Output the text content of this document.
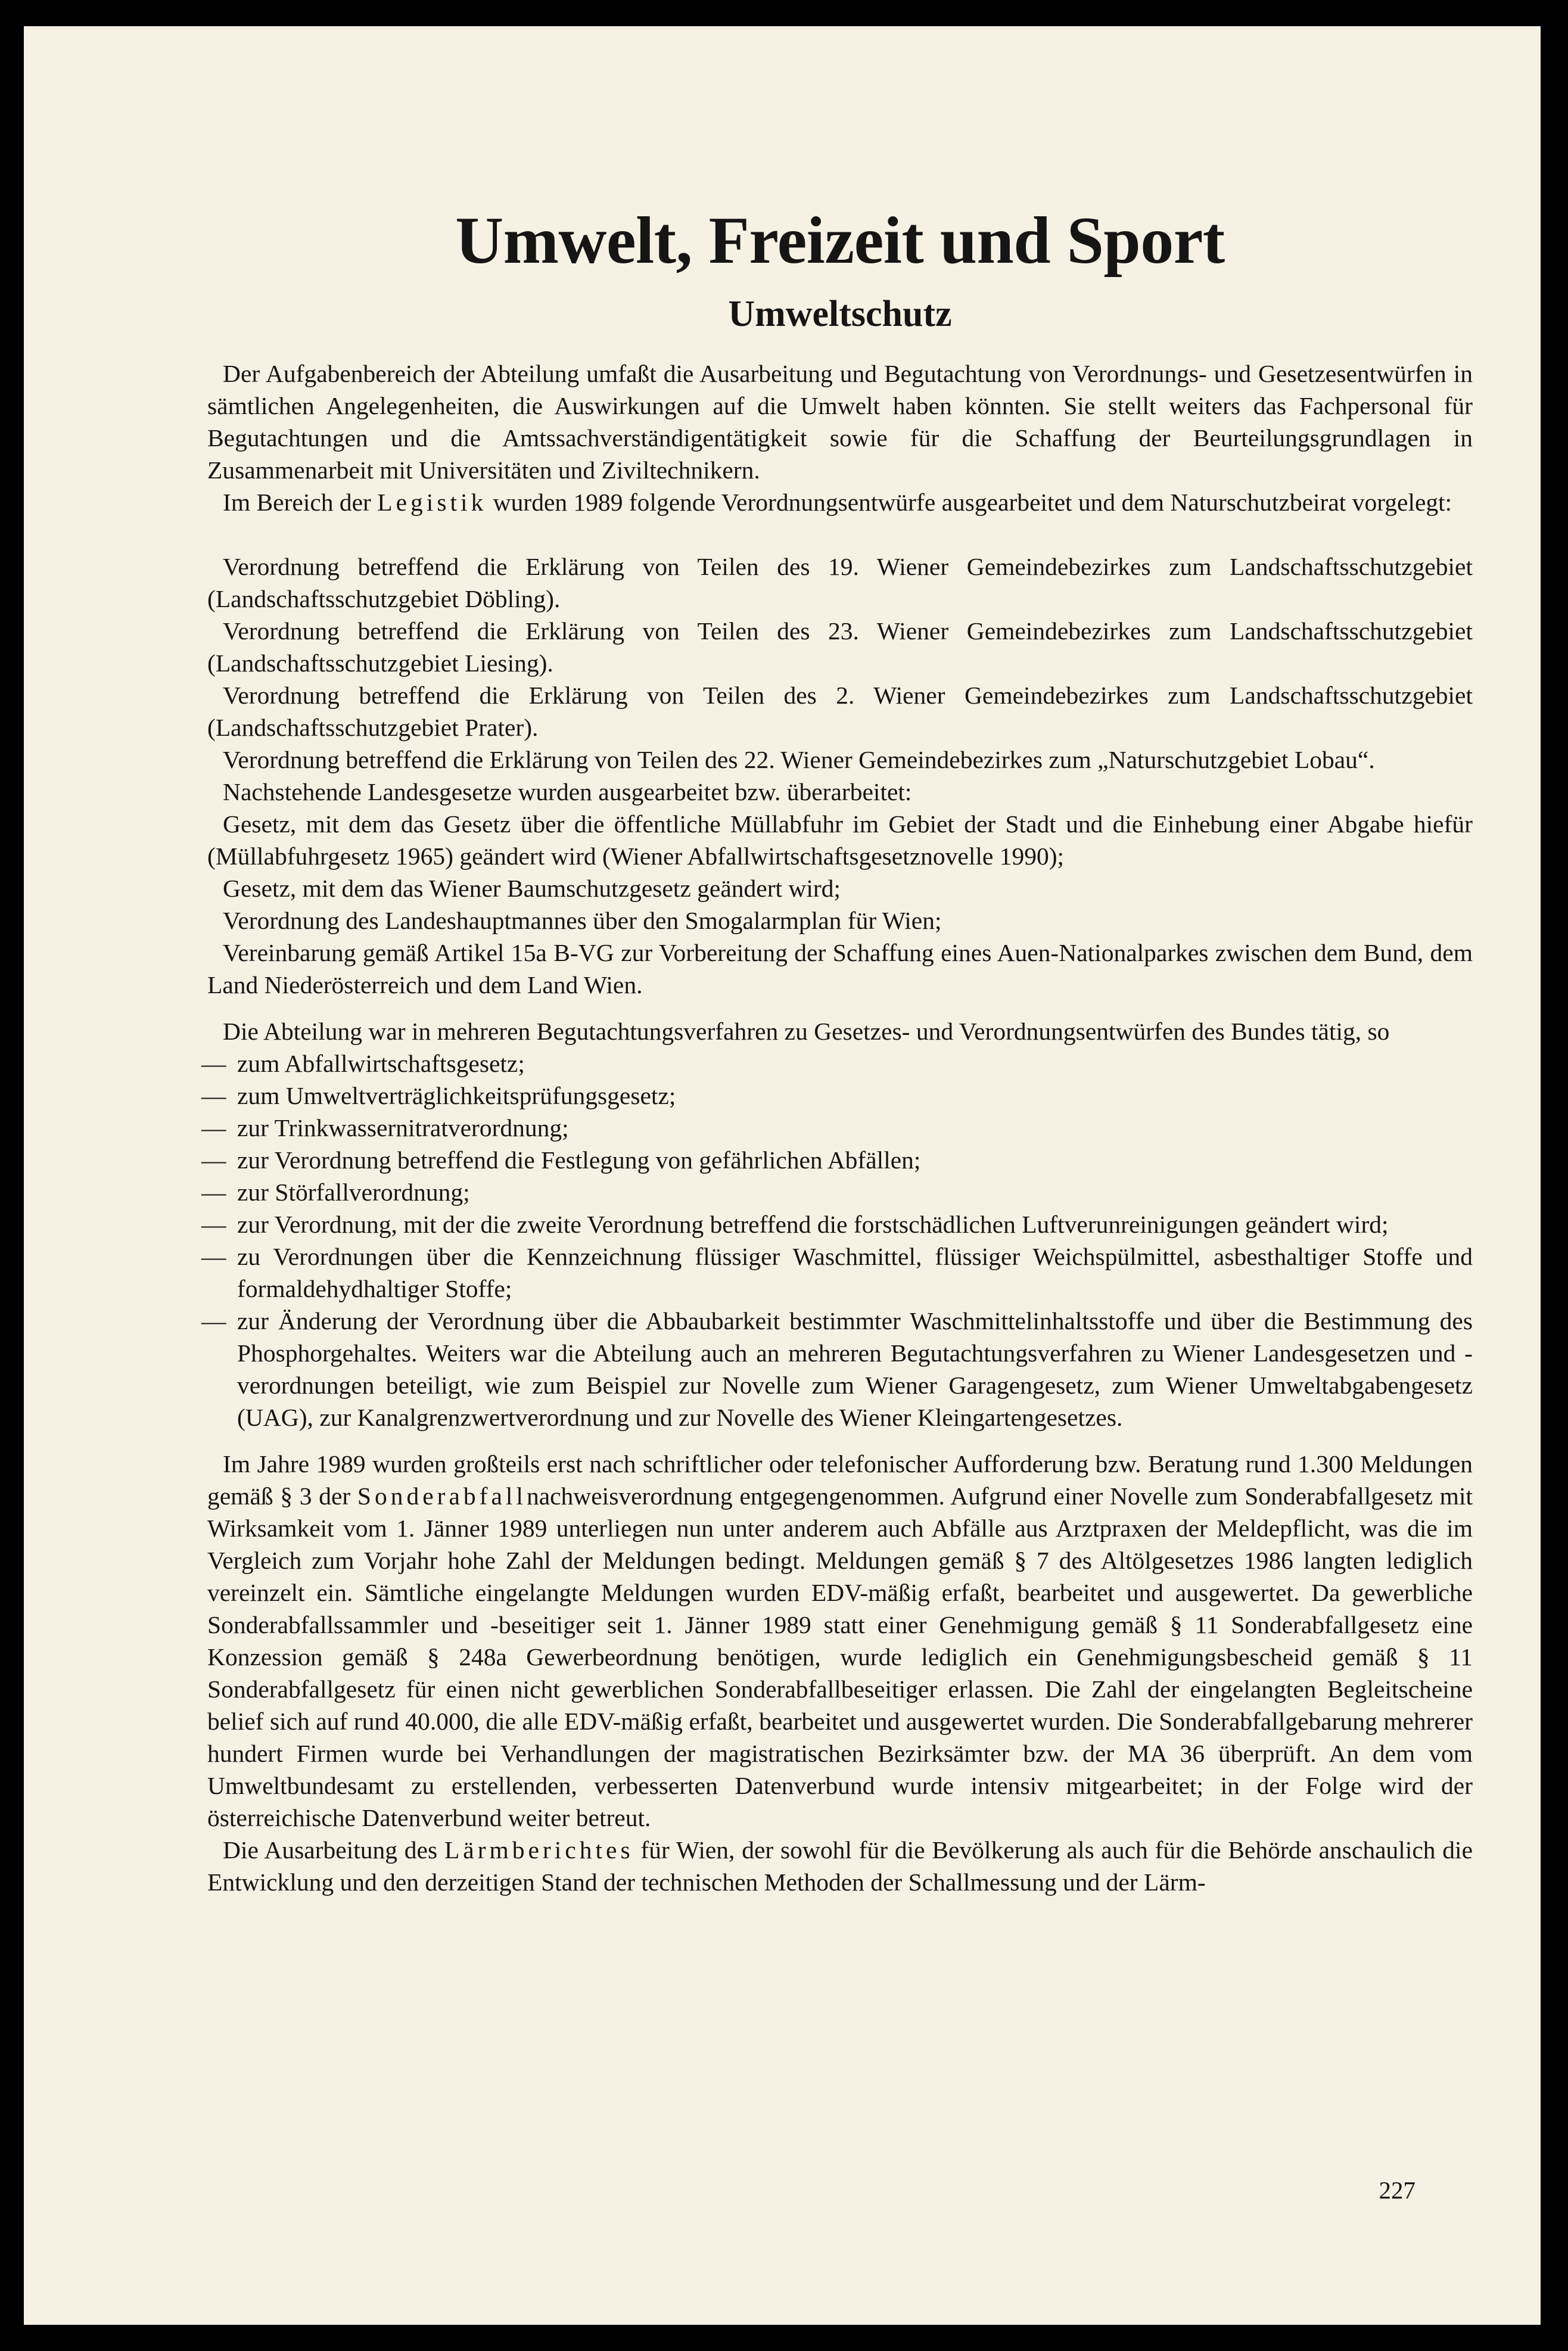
Umwelt, Freizeit und Sport
Umweltschutz

Der Aufgabenbereich der Abteilung umfaßt die Ausarbeitung und Begutachtung von Verordnungs- und Gesetzesentwürfen in sämtlichen Angelegenheiten, die Auswirkungen auf die Umwelt haben könnten. Sie stellt weiters das Fachpersonal für Begutachtungen und die Amtssachverständigentätigkeit sowie für die Schaffung der Beurteilungsgrundlagen in Zusammenarbeit mit Universitäten und Ziviltechnikern.

Im Bereich der Legistik wurden 1989 folgende Verordnungsentwürfe ausgearbeitet und dem Naturschutzbeirat vorgelegt:

Verordnung betreffend die Erklärung von Teilen des 19. Wiener Gemeindebezirkes zum Landschaftsschutzgebiet (Landschaftsschutzgebiet Döbling).

Verordnung betreffend die Erklärung von Teilen des 23. Wiener Gemeindebezirkes zum Landschaftsschutzgebiet (Landschaftsschutzgebiet Liesing).

Verordnung betreffend die Erklärung von Teilen des 2. Wiener Gemeindebezirkes zum Landschaftsschutzgebiet (Landschaftsschutzgebiet Prater).

Verordnung betreffend die Erklärung von Teilen des 22. Wiener Gemeindebezirkes zum „Naturschutzgebiet Lobau“.

Nachstehende Landesgesetze wurden ausgearbeitet bzw. überarbeitet:

Gesetz, mit dem das Gesetz über die öffentliche Müllabfuhr im Gebiet der Stadt und die Einhebung einer Abgabe hiefür (Müllabfuhrgesetz 1965) geändert wird (Wiener Abfallwirtschaftsgesetznovelle 1990);

Gesetz, mit dem das Wiener Baumschutzgesetz geändert wird;

Verordnung des Landeshauptmannes über den Smogalarmplan für Wien;

Vereinbarung gemäß Artikel 15a B-VG zur Vorbereitung der Schaffung eines Auen-Nationalparkes zwischen dem Bund, dem Land Niederösterreich und dem Land Wien.

Die Abteilung war in mehreren Begutachtungsverfahren zu Gesetzes- und Verordnungsentwürfen des Bundes tätig, so

— zum Abfallwirtschaftsgesetz;
— zum Umweltverträglichkeitsprüfungsgesetz;
— zur Trinkwassernitratverordnung;
— zur Verordnung betreffend die Festlegung von gefährlichen Abfällen;
— zur Störfallverordnung;
— zur Verordnung, mit der die zweite Verordnung betreffend die forstschädlichen Luftverunreinigungen geändert wird;
— zu Verordnungen über die Kennzeichnung flüssiger Waschmittel, flüssiger Weichspülmittel, asbesthaltiger Stoffe und formaldehydhaltiger Stoffe;
— zur Änderung der Verordnung über die Abbaubarkeit bestimmter Waschmittelinhaltsstoffe und über die Bestimmung des Phosphorgehaltes. Weiters war die Abteilung auch an mehreren Begutachtungsverfahren zu Wiener Landesgesetzen und -verordnungen beteiligt, wie zum Beispiel zur Novelle zum Wiener Garagengesetz, zum Wiener Umweltabgabengesetz (UAG), zur Kanalgrenzwertverordnung und zur Novelle des Wiener Kleingartengesetzes.

Im Jahre 1989 wurden großteils erst nach schriftlicher oder telefonischer Aufforderung bzw. Beratung rund 1.300 Meldungen gemäß § 3 der Sonderabfallnachweisverordnung entgegengenommen. Aufgrund einer Novelle zum Sonderabfallgesetz mit Wirksamkeit vom 1. Jänner 1989 unterliegen nun unter anderem auch Abfälle aus Arztpraxen der Meldepflicht, was die im Vergleich zum Vorjahr hohe Zahl der Meldungen bedingt. Meldungen gemäß § 7 des Altölgesetzes 1986 langten lediglich vereinzelt ein. Sämtliche eingelangte Meldungen wurden EDV-mäßig erfaßt, bearbeitet und ausgewertet. Da gewerbliche Sonderabfallssammler und -beseitiger seit 1. Jänner 1989 statt einer Genehmigung gemäß § 11 Sonderabfallgesetz eine Konzession gemäß § 248a Gewerbeordnung benötigen, wurde lediglich ein Genehmigungsbescheid gemäß § 11 Sonderabfallgesetz für einen nicht gewerblichen Sonderabfallbeseitiger erlassen. Die Zahl der eingelangten Begleitscheine belief sich auf rund 40.000, die alle EDV-mäßig erfaßt, bearbeitet und ausgewertet wurden. Die Sonderabfallgebarung mehrerer hundert Firmen wurde bei Verhandlungen der magistratischen Bezirksämter bzw. der MA 36 überprüft. An dem vom Umweltbundesamt zu erstellenden, verbesserten Datenverbund wurde intensiv mitgearbeitet; in der Folge wird der österreichische Datenverbund weiter betreut.

Die Ausarbeitung des Lärmberichtes für Wien, der sowohl für die Bevölkerung als auch für die Behörde anschaulich die Entwicklung und den derzeitigen Stand der technischen Methoden der Schallmessung und der Lärm-

227
